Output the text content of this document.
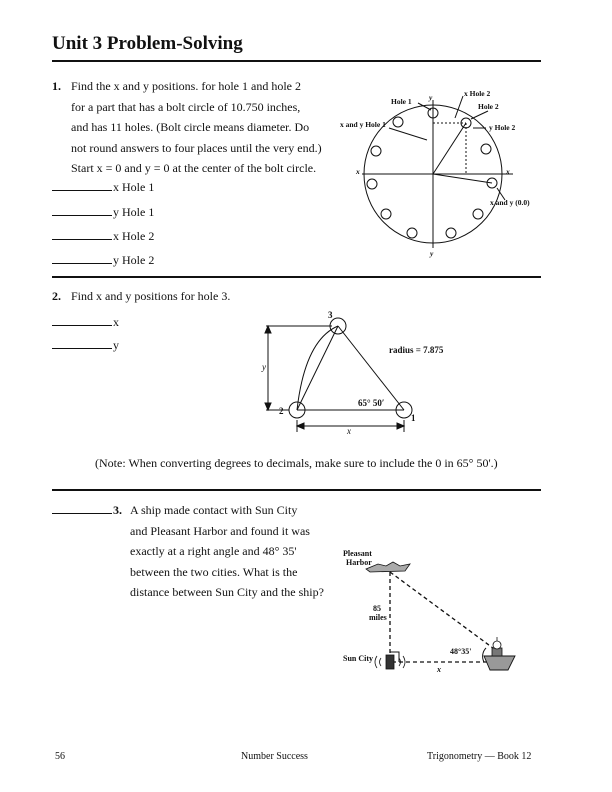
Unit 3 Problem-Solving
1. Find the x and y positions. for hole 1 and hole 2
for a part that has a bolt circle of 10.750 inches,
and has 11 holes. (Bolt circle means diameter. Do
not round answers to four places until the very end.)
Start x = 0 and y = 0 at the center of the bolt circle.
x Hole 1
y Hole 1
x Hole 2
y Hole 2
Hole 1 y	x Hole 2
Hole 2
x and y Hole 1	y Hole 2
x	x
x and y (0.0)
y
2. Find x and y positions for hole 3.
x
y
3
2
1
radius = 7.875
65° 50′
y
x
(Note: When converting degrees to decimals, make sure to include the 0 in 65° 50'.)
3. A ship made contact with Sun City
and Pleasant Harbor and found it was
exactly at a right angle and 48° 35'
between the two cities. What is the
distance between Sun City and the ship?
Pleasant
Harbor
85
miles
48°35'
Sun City
x
56	Number Success	Trigonometry — Book 12
